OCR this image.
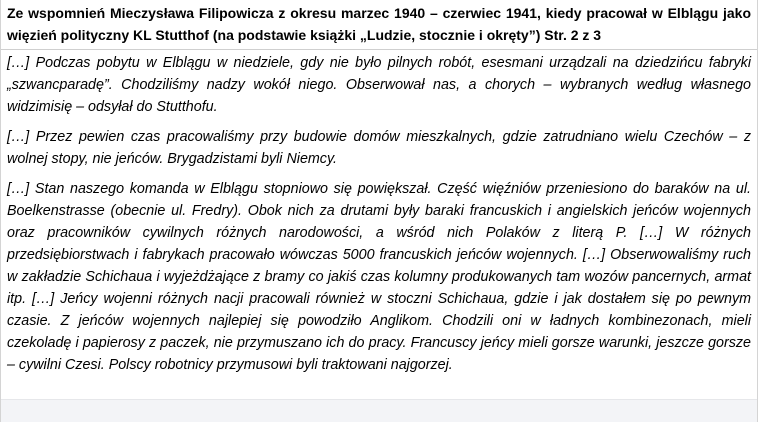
Ze wspomnień Mieczysława Filipowicza z okresu marzec 1940 – czerwiec 1941, kiedy pracował w Elblągu jako więzień polityczny KL Stutthof (na podstawie książki „Ludzie, stocznie i okręty”) Str. 2 z 3

[…] Podczas pobytu w Elblągu w niedziele, gdy nie było pilnych robót, esesmani urządzali na dziedzińcu fabryki „szwancparadę”. Chodziliśmy nadzy wokół niego. Obserwował nas, a chorych – wybranych według własnego widzimisię – odsyłał do Stutthofu.

[…] Przez pewien czas pracowaliśmy przy budowie domów mieszkalnych, gdzie zatrudniano wielu Czechów – z wolnej stopy, nie jeńców. Brygadzistami byli Niemcy.

[…] Stan naszego komanda w Elblągu stopniowo się powiększał. Część więźniów przeniesiono do baraków na ul. Boelkenstrasse (obecnie ul. Fredry). Obok nich za drutami były baraki francuskich i angielskich jeńców wojennych oraz pracowników cywilnych różnych narodowości, a wśród nich Polaków z literą P. […] W różnych przedsiębiorstwach i fabrykach pracowało wówczas 5000 francuskich jeńców wojennych. […] Obserwowaliśmy ruch w zakładzie Schichaua i wyjeżdżające z bramy co jakiś czas kolumny produkowanych tam wozów pancernych, armat itp. […] Jeńcy wojenni różnych nacji pracowali również w stoczni Schichaua, gdzie i jak dostałem się po pewnym czasie. Z jeńców wojennych najlepiej się powodziło Anglikom. Chodzili oni w ładnych kombinezonach, mieli czekoladę i papierosy z paczek, nie przymuszano ich do pracy. Francuscy jeńcy mieli gorsze warunki, jeszcze gorsze – cywilni Czesi. Polscy robotnicy przymusowi byli traktowani najgorzej.
